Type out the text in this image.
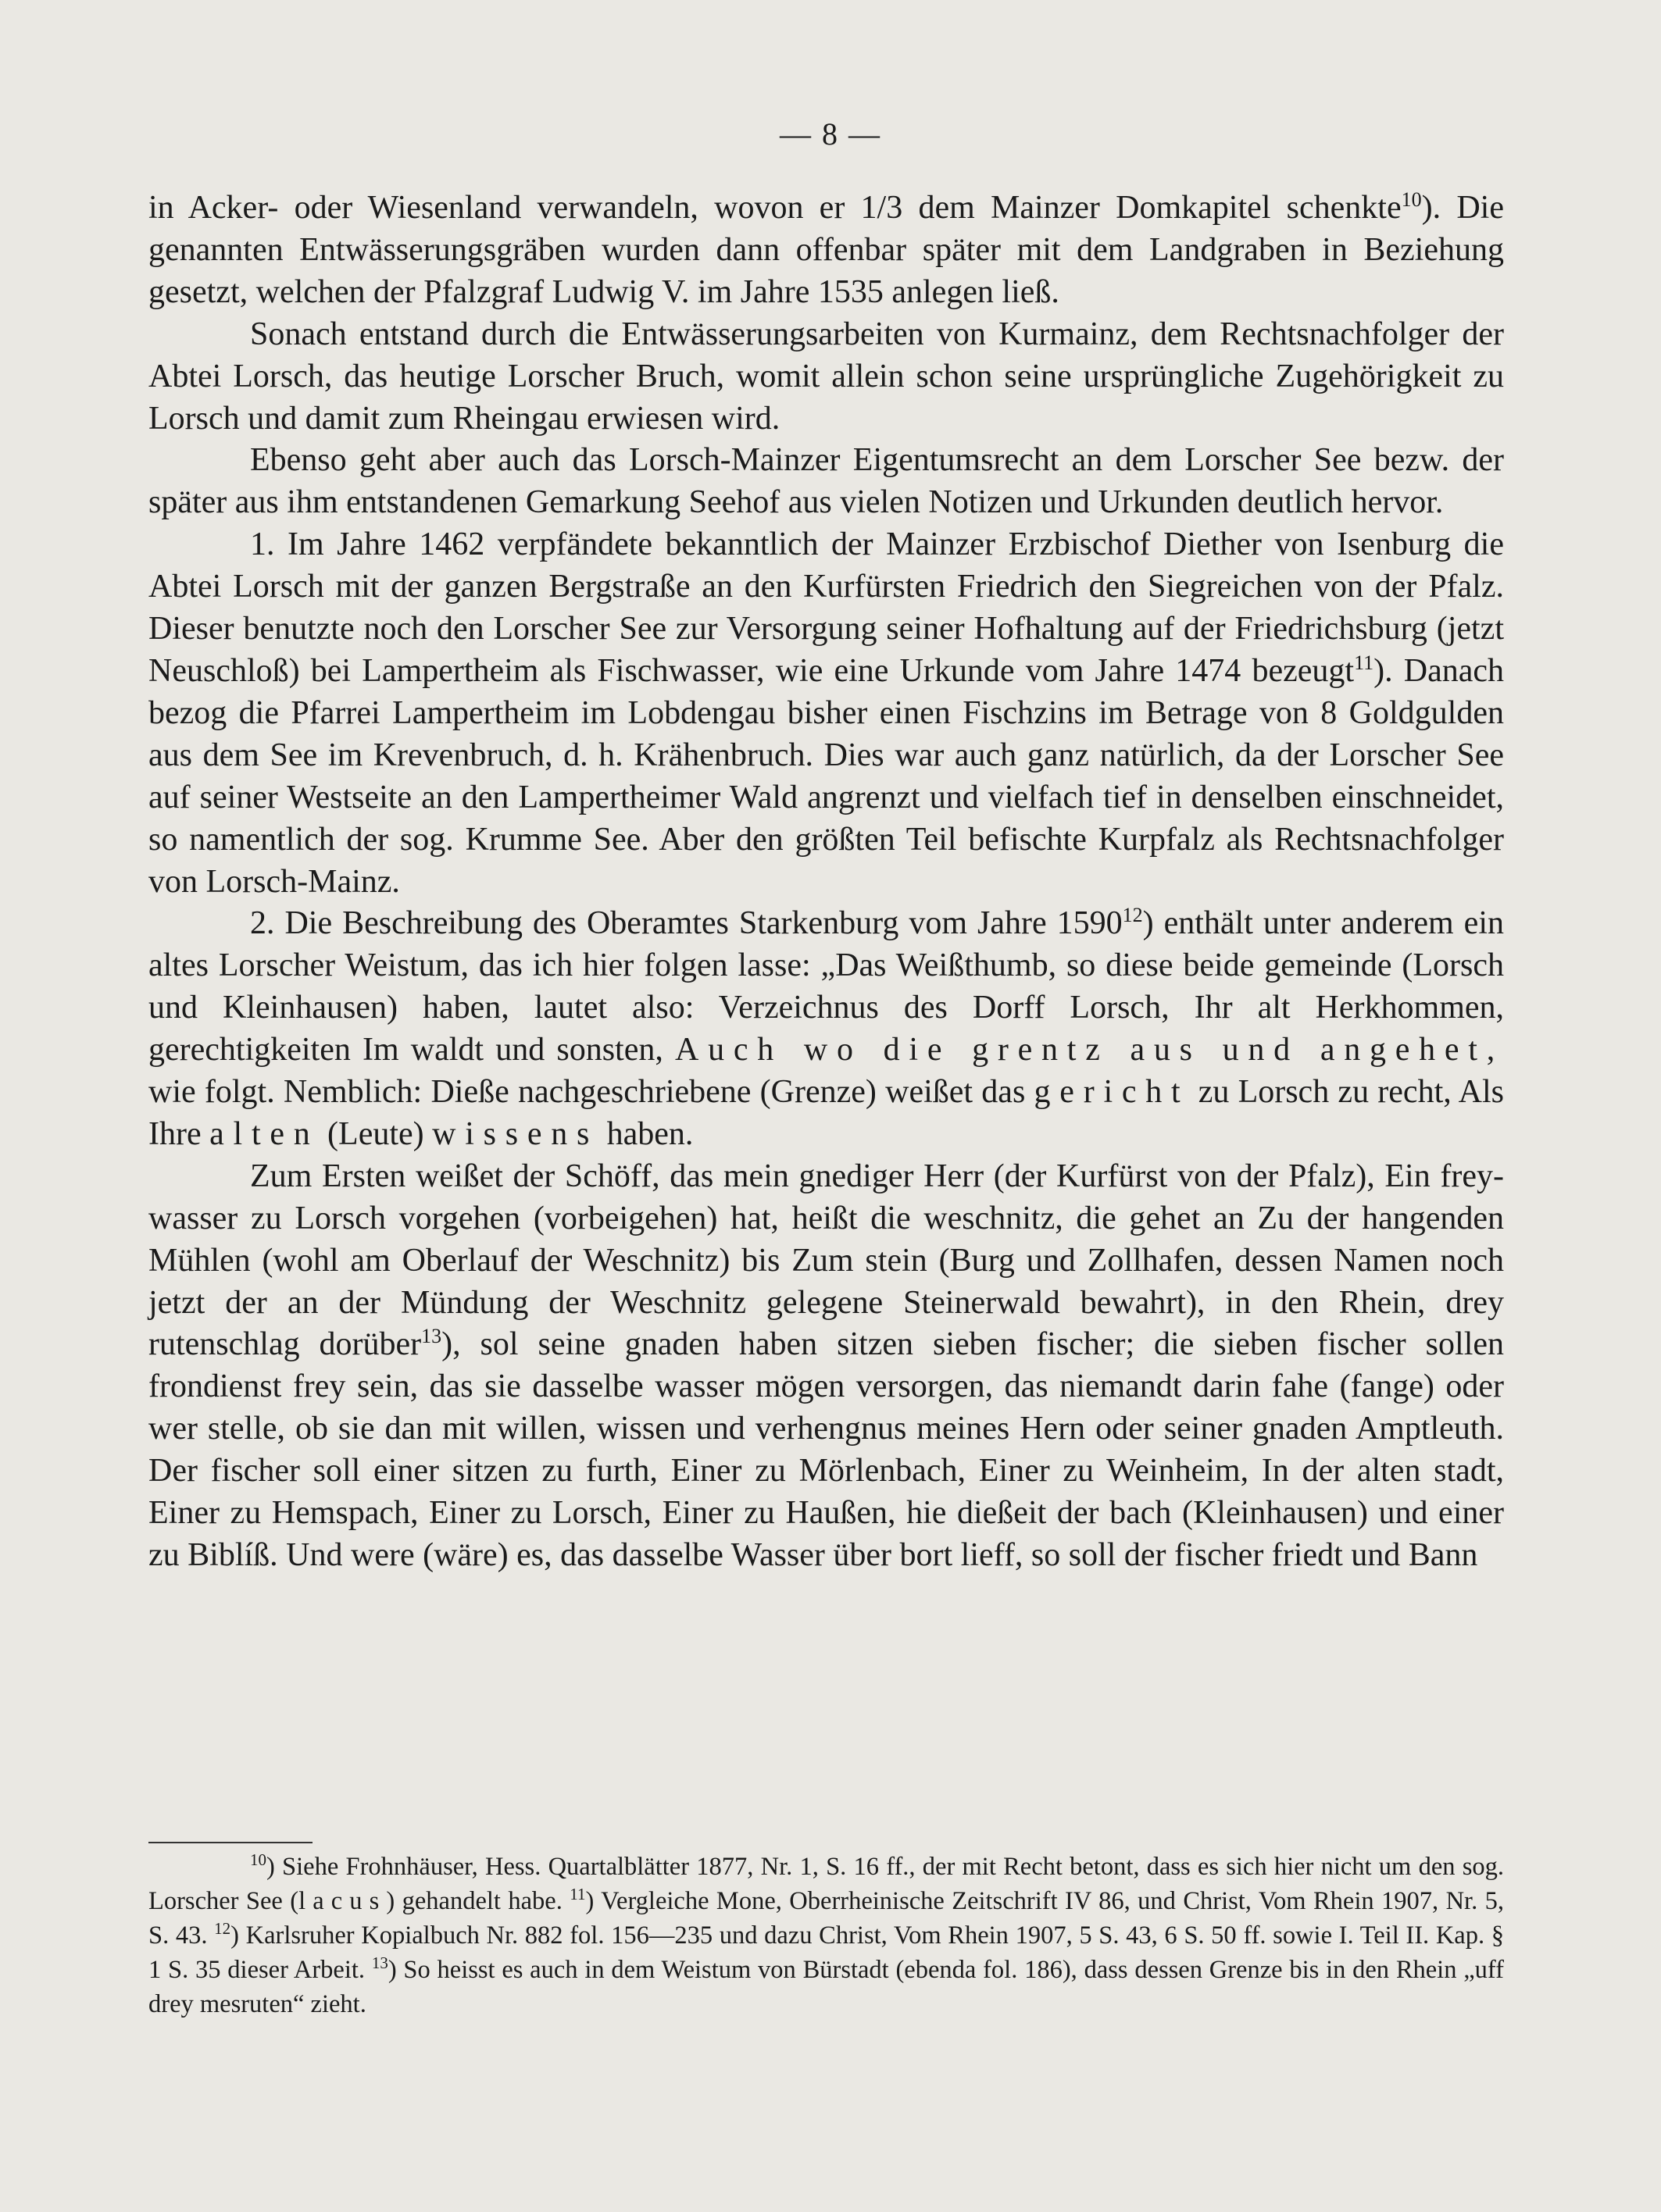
— 8 —

in Acker- oder Wiesenland verwandeln, wovon er 1/3 dem Mainzer Domkapitel schenkte$^{10}$). Die genannten Entwässerungsgräben wurden dann offenbar später mit dem Landgraben in Beziehung gesetzt, welchen der Pfalzgraf Ludwig V. im Jahre 1535 anlegen ließ.

Sonach entstand durch die Entwässerungsarbeiten von Kurmainz, dem Rechtsnachfolger der Abtei Lorsch, das heutige Lorscher Bruch, womit allein schon seine ursprüngliche Zugehörigkeit zu Lorsch und damit zum Rheingau erwiesen wird.

Ebenso geht aber auch das Lorsch-Mainzer Eigentumsrecht an dem Lorscher See bezw. der später aus ihm entstandenen Gemarkung Seehof aus vielen Notizen und Urkunden deutlich hervor.

1. Im Jahre 1462 verpfändete bekanntlich der Mainzer Erzbischof Diether von Isenburg die Abtei Lorsch mit der ganzen Bergstraße an den Kurfürsten Friedrich den Siegreichen von der Pfalz. Dieser benutzte noch den Lorscher See zur Versorgung seiner Hofhaltung auf der Friedrichsburg (jetzt Neuschloß) bei Lampertheim als Fischwasser, wie eine Urkunde vom Jahre 1474 bezeugt$^{11}$). Danach bezog die Pfarrei Lampertheim im Lobdengau bisher einen Fischzins im Betrage von 8 Goldgulden aus dem See im Krevenbruch, d. h. Krähenbruch. Dies war auch ganz natürlich, da der Lorscher See auf seiner Westseite an den Lampertheimer Wald angrenzt und vielfach tief in denselben einschneidet, so namentlich der sog. Krumme See. Aber den größten Teil befischte Kurpfalz als Rechtsnachfolger von Lorsch-Mainz.

2. Die Beschreibung des Oberamtes Starkenburg vom Jahre 1590$^{12}$) enthält unter anderem ein altes Lorscher Weistum, das ich hier folgen lasse: „Das Weißthumb, so diese beide gemeinde (Lorsch und Kleinhausen) haben, lautet also: Verzeichnus des Dorff Lorsch, Ihr alt Herkhommen, gerechtigkeiten Im waldt und sonsten, Auch wo die grentz aus und angehet, wie folgt. Nemblich: Dieße nachgeschriebene (Grenze) weißet das gericht zu Lorsch zu recht, Als Ihre alten (Leute) wissens haben.

Zum Ersten weißet der Schöff, das mein gnediger Herr (der Kurfürst von der Pfalz), Ein frey-wasser zu Lorsch vorgehen (vorbeigehen) hat, heißt die weschnitz, die gehet an Zu der hangenden Mühlen (wohl am Oberlauf der Weschnitz) bis Zum stein (Burg und Zollhafen, dessen Namen noch jetzt der an der Mündung der Weschnitz gelegene Steinerwald bewahrt), in den Rhein, drey rutenschlag dorüber$^{13}$), sol seine gnaden haben sitzen sieben fischer; die sieben fischer sollen frondienst frey sein, das sie dasselbe wasser mögen versorgen, das niemandt darin fahe (fange) oder wer stelle, ob sie dan mit willen, wissen und verhengnus meines Hern oder seiner gnaden Amptleuth. Der fischer soll einer sitzen zu furth, Einer zu Mörlenbach, Einer zu Weinheim, In der alten stadt, Einer zu Hemspach, Einer zu Lorsch, Einer zu Haußen, hie dießeit der bach (Kleinhausen) und einer zu Biblíß. Und were (wäre) es, das dasselbe Wasser über bort lieff, so soll der fischer friedt und Bann

$^{10}$) Siehe Frohnhäuser, Hess. Quartalblätter 1877, Nr. 1, S. 16 ff., der mit Recht betont, dass es sich hier nicht um den sog. Lorscher See (lacus) gehandelt habe. $^{11}$) Vergleiche Mone, Oberrheinische Zeitschrift IV 86, und Christ, Vom Rhein 1907, Nr. 5, S. 43. $^{12}$) Karlsruher Kopialbuch Nr. 882 fol. 156—235 und dazu Christ, Vom Rhein 1907, 5 S. 43, 6 S. 50 ff. sowie I. Teil II. Kap. § 1 S. 35 dieser Arbeit. $^{13}$) So heisst es auch in dem Weistum von Bürstadt (ebenda fol. 186), dass dessen Grenze bis in den Rhein „uff drey mesruten“ zieht.
